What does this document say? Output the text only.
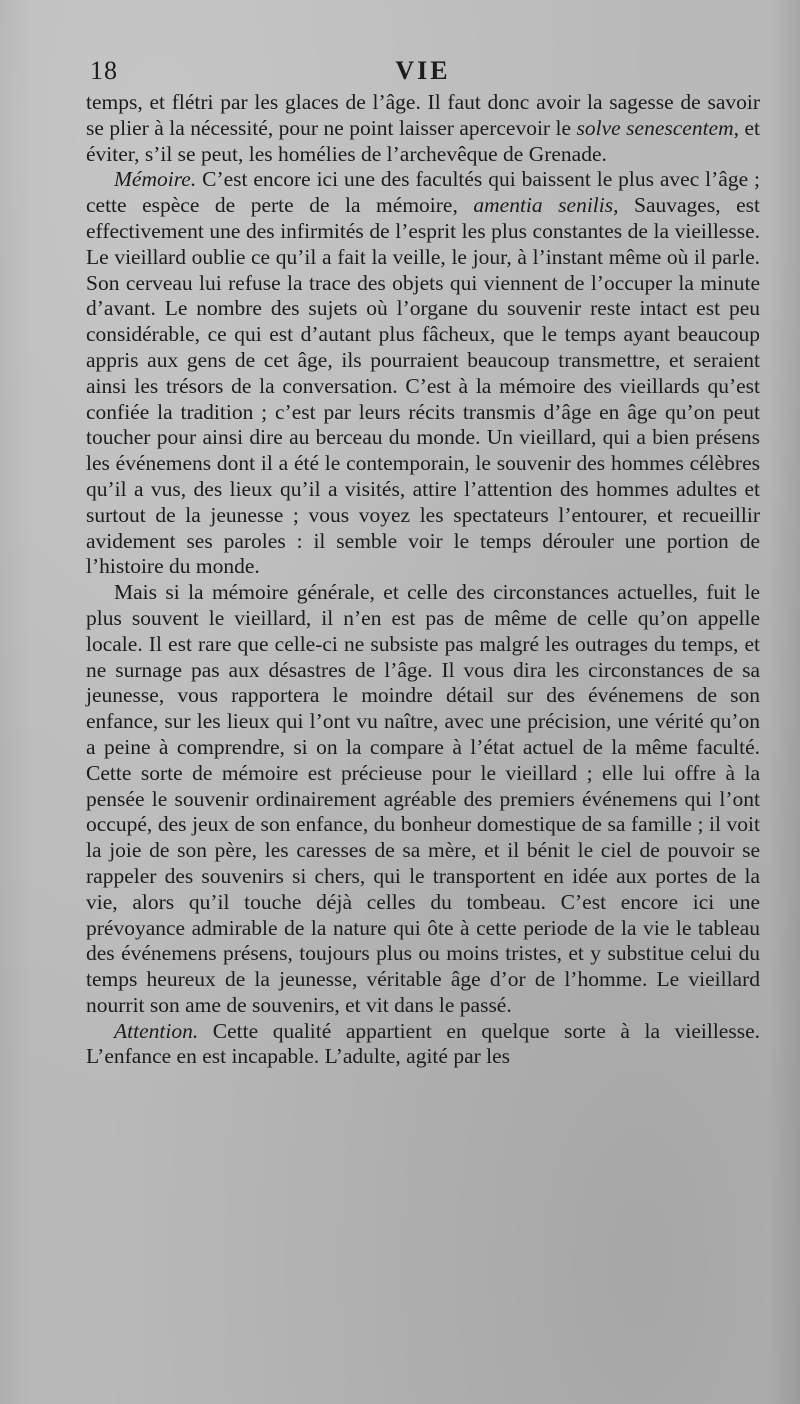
18	VIE

temps, et flétri par les glaces de l’âge. Il faut donc avoir la sagesse de savoir se plier à la nécessité, pour ne point laisser apercevoir le solve senescentem, et éviter, s’il se peut, les homélies de l’archevêque de Grenade.

Mémoire. C’est encore ici une des facultés qui baissent le plus avec l’âge ; cette espèce de perte de la mémoire, amentia senilis, Sauvages, est effectivement une des infirmités de l’esprit les plus constantes de la vieillesse. Le vieillard oublie ce qu’il a fait la veille, le jour, à l’instant même où il parle. Son cerveau lui refuse la trace des objets qui viennent de l’occuper la minute d’avant. Le nombre des sujets où l’organe du souvenir reste intact est peu considérable, ce qui est d’autant plus fâcheux, que le temps ayant beaucoup appris aux gens de cet âge, ils pourraient beaucoup transmettre, et seraient ainsi les trésors de la conversation. C’est à la mémoire des vieillards qu’est confiée la tradition ; c’est par leurs récits transmis d’âge en âge qu’on peut toucher pour ainsi dire au berceau du monde. Un vieillard, qui a bien présens les événemens dont il a été le contemporain, le souvenir des hommes célèbres qu’il a vus, des lieux qu’il a visités, attire l’attention des hommes adultes et surtout de la jeunesse ; vous voyez les spectateurs l’entourer, et recueillir avidement ses paroles : il semble voir le temps dérouler une portion de l’histoire du monde.

Mais si la mémoire générale, et celle des circonstances actuelles, fuit le plus souvent le vieillard, il n’en est pas de même de celle qu’on appelle locale. Il est rare que celle-ci ne subsiste pas malgré les outrages du temps, et ne surnage pas aux désastres de l’âge. Il vous dira les circonstances de sa jeunesse, vous rapportera le moindre détail sur des événemens de son enfance, sur les lieux qui l’ont vu naître, avec une précision, une vérité qu’on a peine à comprendre, si on la compare à l’état actuel de la même faculté. Cette sorte de mémoire est précieuse pour le vieillard ; elle lui offre à la pensée le souvenir ordinairement agréable des premiers événemens qui l’ont occupé, des jeux de son enfance, du bonheur domestique de sa famille ; il voit la joie de son père, les caresses de sa mère, et il bénit le ciel de pouvoir se rappeler des souvenirs si chers, qui le transportent en idée aux portes de la vie, alors qu’il touche déjà celles du tombeau. C’est encore ici une prévoyance admirable de la nature qui ôte à cette periode de la vie le tableau des événemens présens, toujours plus ou moins tristes, et y substitue celui du temps heureux de la jeunesse, véritable âge d’or de l’homme. Le vieillard nourrit son ame de souvenirs, et vit dans le passé.

Attention. Cette qualité appartient en quelque sorte à la vieillesse. L’enfance en est incapable. L’adulte, agité par les
